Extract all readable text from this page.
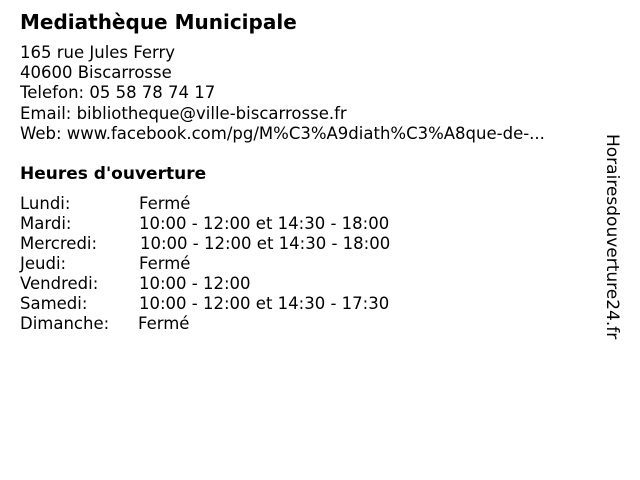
Mediathèque Municipale
165 rue Jules Ferry
40600 Biscarrosse
Telefon: 05 58 78 74 17
Email: bibliotheque@ville-biscarrosse.fr
Web: www.facebook.com/pg/M%C3%A9diath%C3%A8que-de-...
Heures d'ouverture
Lundi:	Fermé
Mardi:	10:00 - 12:00 et 14:30 - 18:00
Mercredi:	10:00 - 12:00 et 14:30 - 18:00
Jeudi:	Fermé
Vendredi: 10:00 - 12:00
Samedi:	10:00 - 12:00 et 14:30 - 17:30
Dimanche: Fermé	Horairesdouverture24.fr
